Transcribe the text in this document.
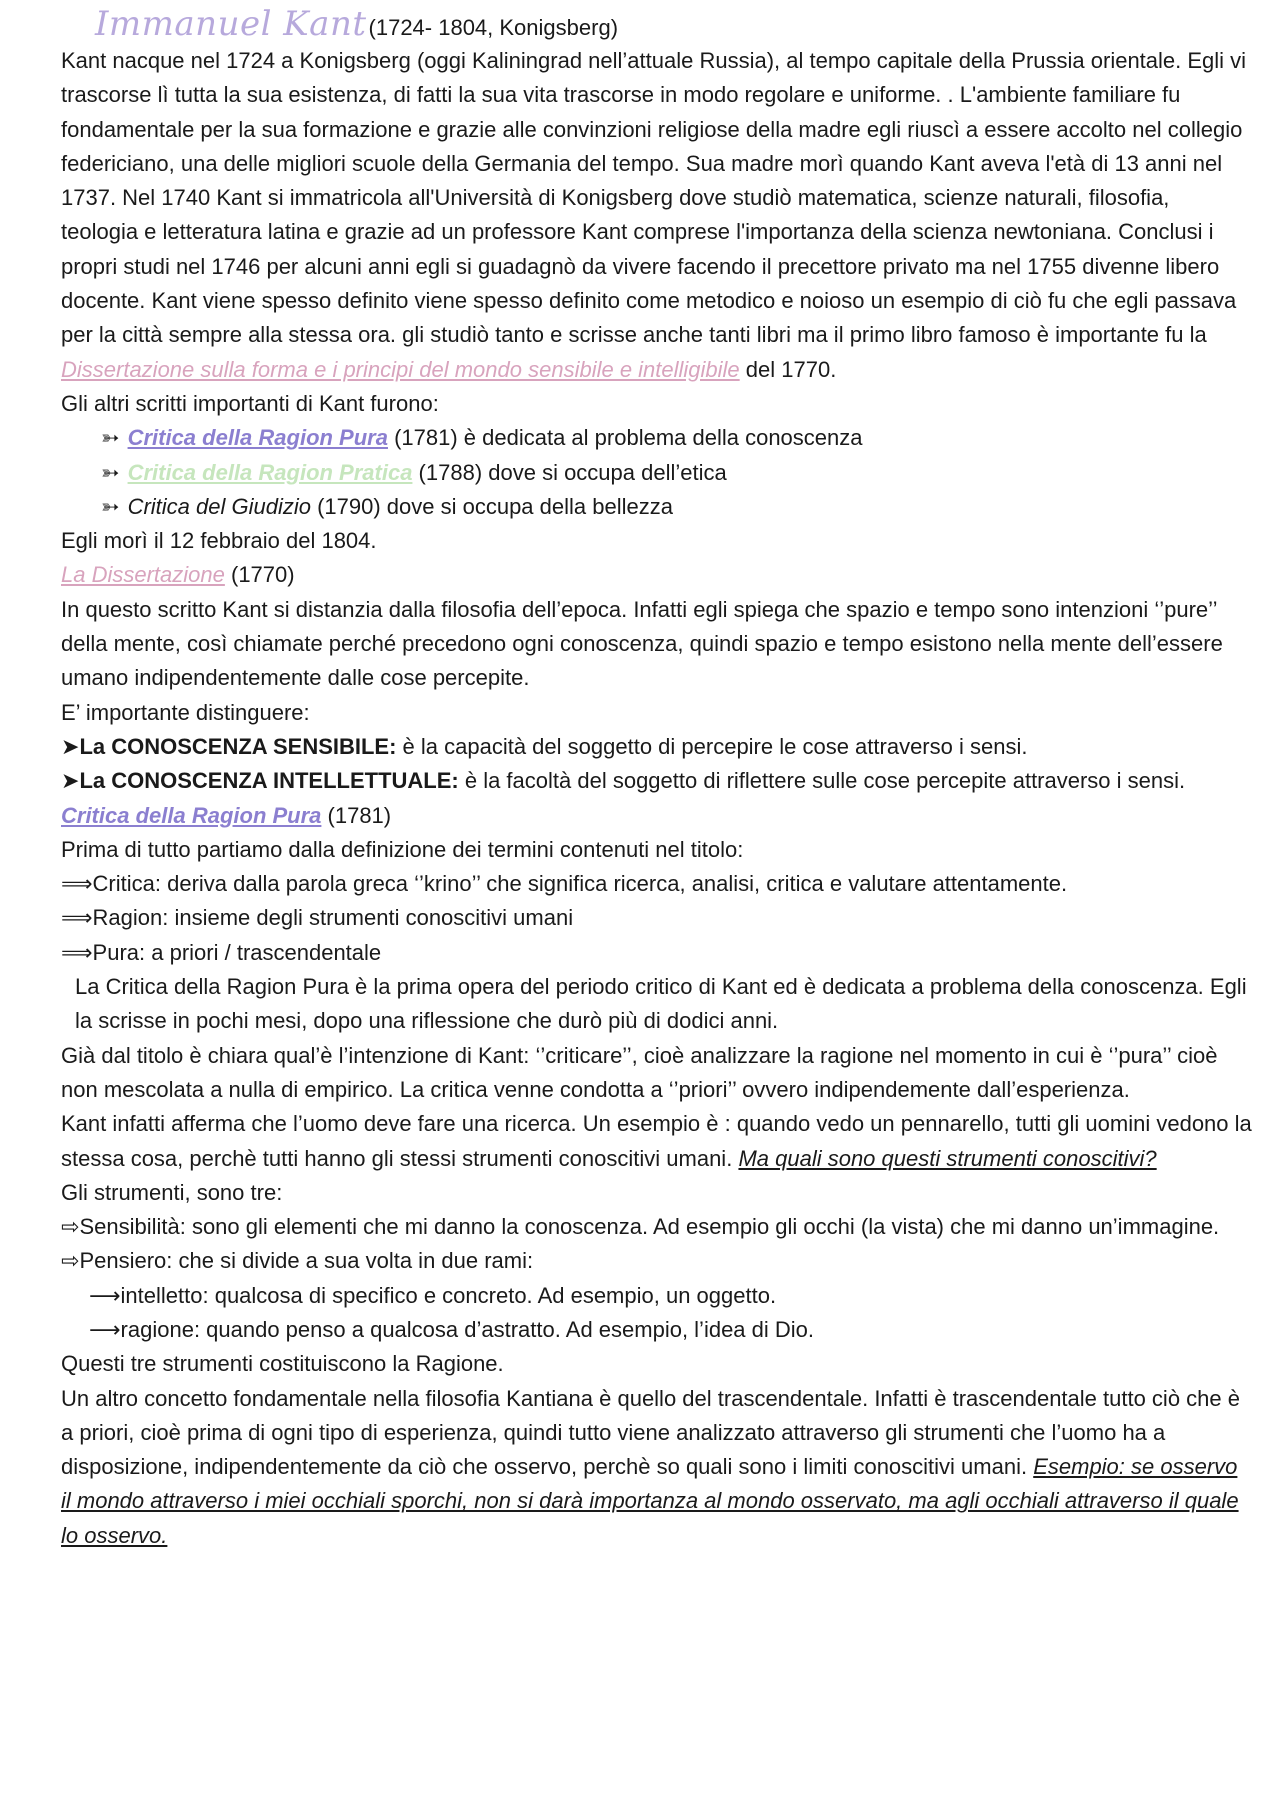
Immanuel Kant (1724- 1804, Konigsberg)

Kant nacque nel 1724 a Konigsberg (oggi Kaliningrad nell’attuale Russia), al tempo capitale della Prussia orientale. Egli vi trascorse lì tutta la sua esistenza, di fatti la sua vita trascorse in modo regolare e uniforme. . L'ambiente familiare fu fondamentale per la sua formazione e grazie alle convinzioni religiose della madre egli riuscì a essere accolto nel collegio federiciano, una delle migliori scuole della Germania del tempo. Sua madre morì quando Kant aveva l'età di 13 anni nel 1737. Nel 1740 Kant si immatricola all'Università di Konigsberg dove studiò matematica, scienze naturali, filosofia, teologia e letteratura latina e grazie ad un professore Kant comprese l'importanza della scienza newtoniana. Conclusi i propri studi nel 1746 per alcuni anni egli si guadagnò da vivere facendo il precettore privato ma nel 1755 divenne libero docente. Kant viene spesso definito viene spesso definito come metodico e noioso un esempio di ciò fu che egli passava per la città sempre alla stessa ora. gli studiò tanto e scrisse anche tanti libri ma il primo libro famoso è importante fu la Dissertazione sulla forma e i principi del mondo sensibile e intelligibile del 1770.

Gli altri scritti importanti di Kant furono:

➳ Critica della Ragion Pura (1781) è dedicata al problema della conoscenza
➳ Critica della Ragion Pratica (1788) dove si occupa dell’etica
➳ Critica del Giudizio (1790) dove si occupa della bellezza

Egli morì il 12 febbraio del 1804.

La Dissertazione (1770)

In questo scritto Kant si distanzia dalla filosofia dell’epoca. Infatti egli spiega che spazio e tempo sono intenzioni ‘’pure’’ della mente, così chiamate perché precedono ogni conoscenza, quindi spazio e tempo esistono nella mente dell’essere umano indipendentemente dalle cose percepite.

E’ importante distinguere:

➤La CONOSCENZA SENSIBILE: è la capacità del soggetto di percepire le cose attraverso i sensi.

➤La CONOSCENZA INTELLETTUALE: è la facoltà del soggetto di riflettere sulle cose percepite attraverso i sensi.

Critica della Ragion Pura (1781)

Prima di tutto partiamo dalla definizione dei termini contenuti nel titolo:

⟹Critica: deriva dalla parola greca ‘’krino’’ che significa ricerca, analisi, critica e valutare attentamente.

⟹Ragion: insieme degli strumenti conoscitivi umani

⟹Pura: a priori / trascendentale

La Critica della Ragion Pura è la prima opera del periodo critico di Kant ed è dedicata a problema della conoscenza. Egli la scrisse in pochi mesi, dopo una riflessione che durò più di dodici anni.

Già dal titolo è chiara qual’è l’intenzione di Kant: ‘’criticare’’, cioè analizzare la ragione nel momento in cui è ‘’pura’’ cioè non mescolata a nulla di empirico. La critica venne condotta a ‘’priori’’ ovvero indipendemente dall’esperienza.

Kant infatti afferma che l’uomo deve fare una ricerca. Un esempio è : quando vedo un pennarello, tutti gli uomini vedono la stessa cosa, perchè tutti hanno gli stessi strumenti conoscitivi umani. Ma quali sono questi strumenti conoscitivi?

Gli strumenti, sono tre:

⇨Sensibilità: sono gli elementi che mi danno la conoscenza. Ad esempio gli occhi (la vista) che mi danno un’immagine.

⇨Pensiero: che si divide a sua volta in due rami:

⟶intelletto: qualcosa di specifico e concreto. Ad esempio, un oggetto.

⟶ragione: quando penso a qualcosa d’astratto. Ad esempio, l’idea di Dio.

Questi tre strumenti costituiscono la Ragione.

Un altro concetto fondamentale nella filosofia Kantiana è quello del trascendentale. Infatti è trascendentale tutto ciò che è a priori, cioè prima di ogni tipo di esperienza, quindi tutto viene analizzato attraverso gli strumenti che l’uomo ha a disposizione, indipendentemente da ciò che osservo, perchè so quali sono i limiti conoscitivi umani. Esempio: se osservo il mondo attraverso i miei occhiali sporchi, non si darà importanza al mondo osservato, ma agli occhiali attraverso il quale lo osservo.
